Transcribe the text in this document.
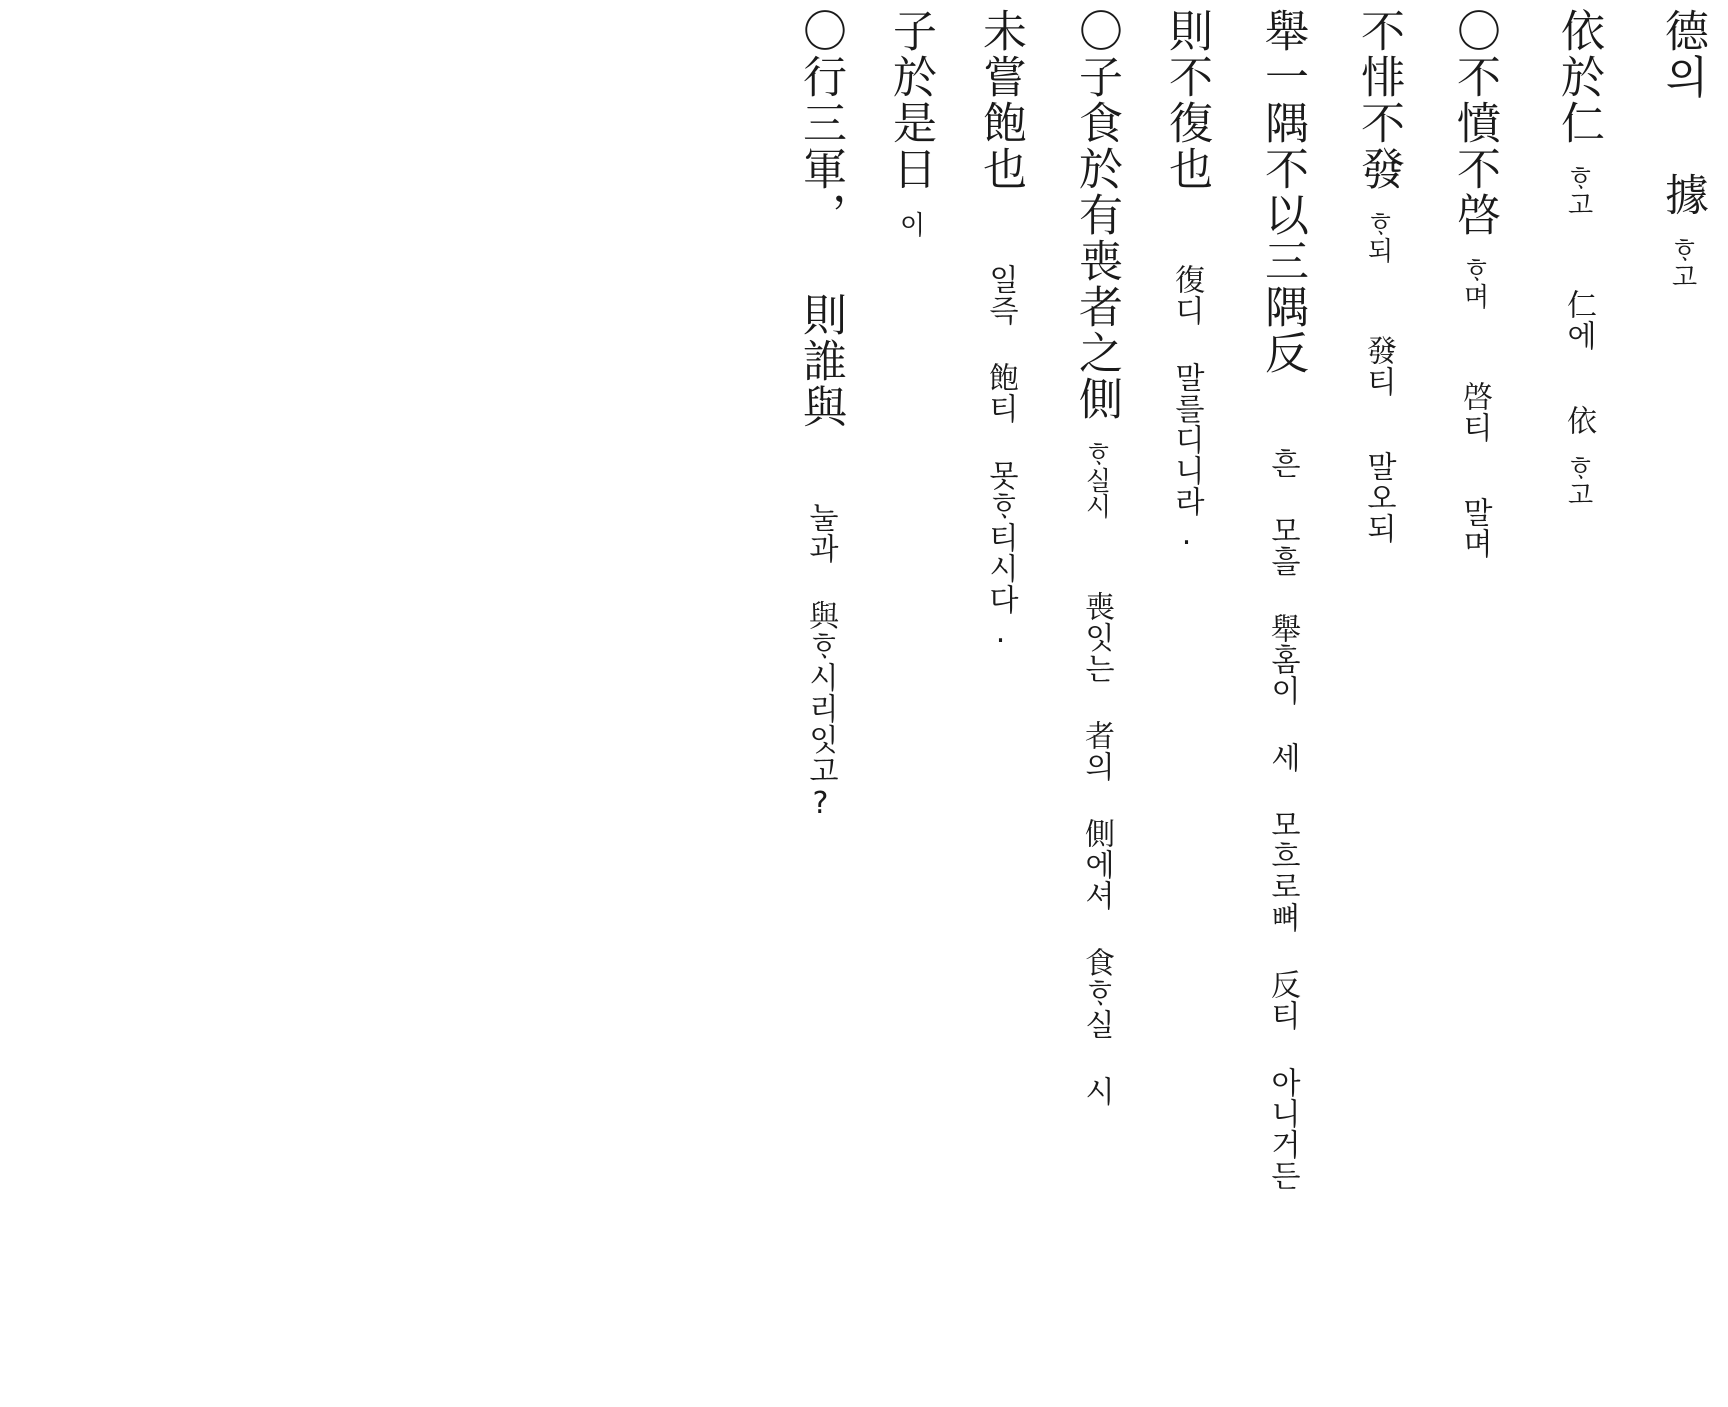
〇行三軍，  則誰與  눌과 與ᄒᆞ시리잇고?
子於是日 이
未嘗飽也  일즉 飽티 못ᄒᆞ티시다.
〇子食於有喪者之側 ᄒᆞ실시  喪잇는 者의 側에셔 食ᄒᆞ실 시
則不復也  復디 말를디니라.
舉一隅不以三隅反  흔 모흘 舉홈이 세 모흐로뼈 反티 아니거든
不悱不發 ᄒᆞ되  發티  말오되
〇不憤不啓 ᄒᆞ며  啓티  말며
依於仁 ᄒᆞ고  仁에  依 ᄒᆞ고
德의  據 ᄒᆞ고
